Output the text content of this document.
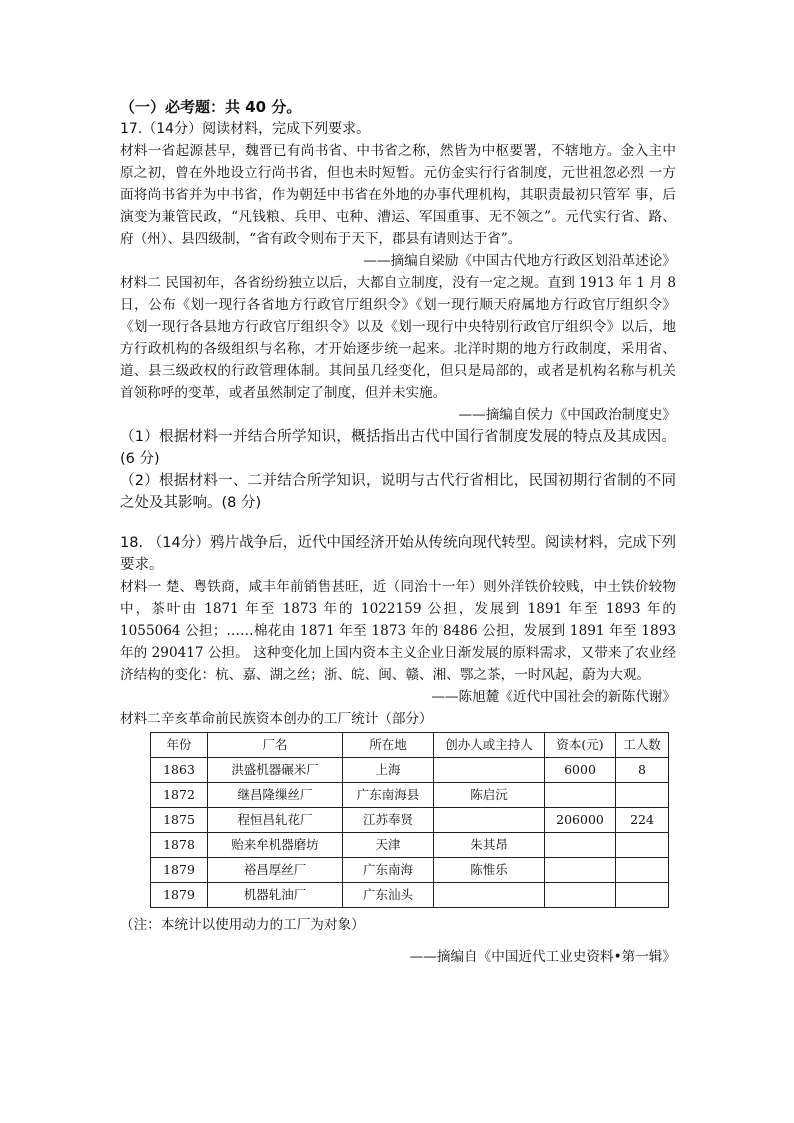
（一）必考题：共 40 分。
17.（14分）阅读材料，完成下列要求。

材料一省起源甚早，魏晋已有尚书省、中书省之称，然皆为中枢要署，不辖地方。金入主中原之初，曾在外地设立行尚书省，但也未时短暂。元仿金实行行省制度，元世祖忽必烈 一方面将尚书省并为中书省，作为朝廷中书省在外地的办事代理机构，其职责最初只管军 事，后演变为兼管民政，“凡钱粮、兵甲、屯种、漕运、军国重事、无不领之”。元代实行省、路、 府（州）、县四级制，“省有政令则布于天下，郡县有请则达于省”。

——摘编自梁励《中国古代地方行政区划沿革述论》

材料二 民国初年，各省纷纷独立以后，大都自立制度，没有一定之规。直到 1913 年 1 月 8 日，公布《划一现行各省地方行政官厅组织令》《划一现行顺天府属地方行政官厅组织令》《划一现行各县地方行政官厅组织令》以及《划一现行中央特别行政官厅组织令》以后，地方行政机构的各级组织与名称，才开始逐步统一起来。北洋时期的地方行政制度，采用省、道、县三级政权的行政管理体制。其间虽几经变化，但只是局部的，或者是机构名称与机关首领称呼的变革，或者虽然制定了制度，但并未实施。

——摘编自侯力《中国政治制度史》

（1）根据材料一并结合所学知识，概括指出古代中国行省制度发展的特点及其成因。(6 分)
（2）根据材料一、二并结合所学知识，说明与古代行省相比，民国初期行省制的不同之处及其影响。(8 分)
18. （14分）鸦片战争后，近代中国经济开始从传统向现代转型。阅读材料，完成下列要求。

材料一 楚、粤铁商，咸丰年前销售甚旺，近（同治十一年）则外洋铁价较贱，中土铁价较物中，茶叶由 1871 年至 1873 年的 1022159 公担，发展到 1891 年至 1893 年的 1055064 公担；……棉花由 1871 年至 1873 年的 8486 公担，发展到 1891 年至 1893 年的 290417 公担。 这种变化加上国内资本主义企业日渐发展的原料需求，又带来了农业经济结构的变化：杭、嘉、湖之丝；浙、皖、闽、赣、湘、鄂之茶，一时风起，蔚为大观。

——陈旭麓《近代中国社会的新陈代谢》

材料二辛亥革命前民族资本创办的工厂统计（部分）

年份	厂名	所在地	创办人或主持人	资本(元)	工人数
1863	洪盛机器碾米厂	上海		6000	8
1872	继昌隆缫丝厂	广东南海县	陈启沅		
1875	程恒昌轧花厂	江苏奉贤		206000	224
1878	贻来牟机器磨坊	天津	朱其昂		
1879	裕昌厚丝厂	广东南海	陈惟乐		
1879	机器轧油厂	广东汕头			

（注：本统计以使用动力的工厂为对象）

——摘编自《中国近代工业史资料•第一辑》
